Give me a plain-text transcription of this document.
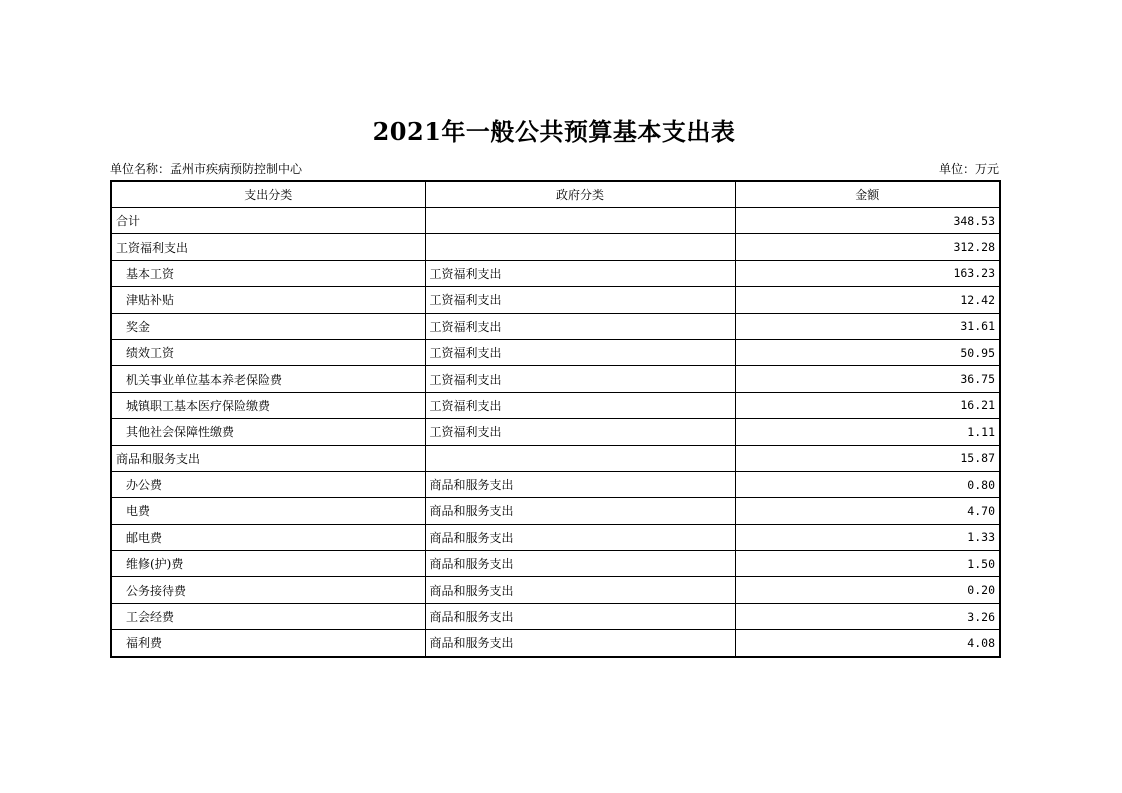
2021年一般公共预算基本支出表
单位名称：孟州市疾病预防控制中心	单位：万元
支出分类	政府分类	金额
合计		348.53
工资福利支出		312.28
基本工资	工资福利支出	163.23
津贴补贴	工资福利支出	12.42
奖金	工资福利支出	31.61
绩效工资	工资福利支出	50.95
机关事业单位基本养老保险费	工资福利支出	36.75
城镇职工基本医疗保险缴费	工资福利支出	16.21
其他社会保障性缴费	工资福利支出	1.11
商品和服务支出		15.87
办公费	商品和服务支出	0.80
电费	商品和服务支出	4.70
邮电费	商品和服务支出	1.33
维修(护)费	商品和服务支出	1.50
公务接待费	商品和服务支出	0.20
工会经费	商品和服务支出	3.26
福利费	商品和服务支出	4.08
